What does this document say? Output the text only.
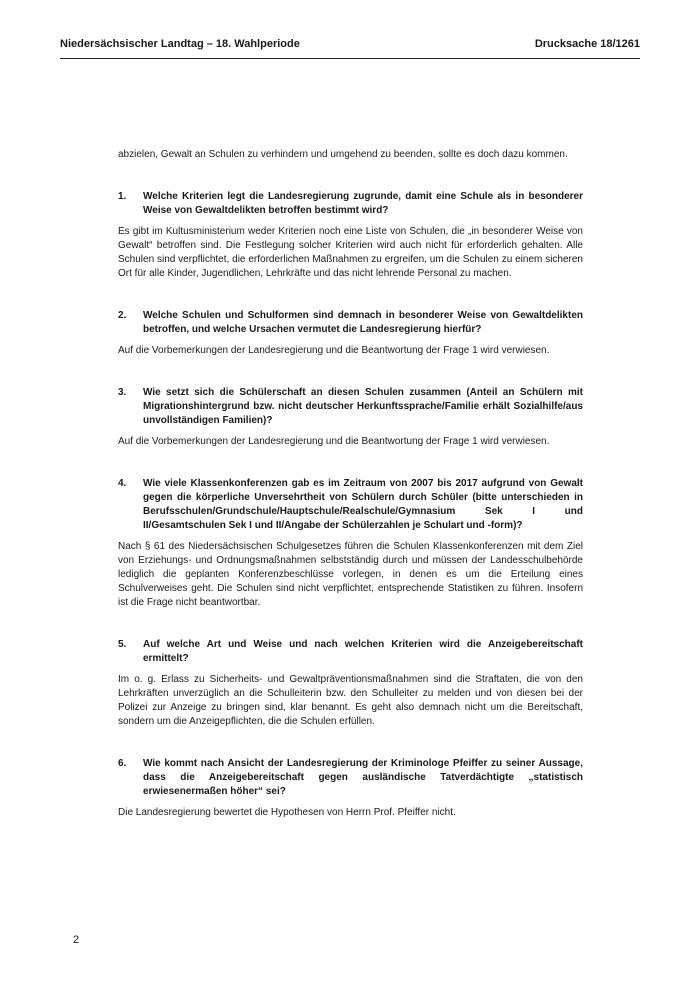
Niedersächsischer Landtag – 18. Wahlperiode	Drucksache 18/1261

abzielen, Gewalt an Schulen zu verhindern und umgehend zu beenden, sollte es doch dazu kommen.

1.	Welche Kriterien legt die Landesregierung zugrunde, damit eine Schule als in besonderer Weise von Gewaltdelikten betroffen bestimmt wird?

Es gibt im Kultusministerium weder Kriterien noch eine Liste von Schulen, die „in besonderer Weise von Gewalt“ betroffen sind. Die Festlegung solcher Kriterien wird auch nicht für erforderlich gehalten. Alle Schulen sind verpflichtet, die erforderlichen Maßnahmen zu ergreifen, um die Schulen zu einem sicheren Ort für alle Kinder, Jugendlichen, Lehrkräfte und das nicht lehrende Personal zu machen.

2.	Welche Schulen und Schulformen sind demnach in besonderer Weise von Gewaltdelikten betroffen, und welche Ursachen vermutet die Landesregierung hierfür?

Auf die Vorbemerkungen der Landesregierung und die Beantwortung der Frage 1 wird verwiesen.

3.	Wie setzt sich die Schülerschaft an diesen Schulen zusammen (Anteil an Schülern mit Migrationshintergrund bzw. nicht deutscher Herkunftssprache/Familie erhält Sozialhilfe/aus unvollständigen Familien)?

Auf die Vorbemerkungen der Landesregierung und die Beantwortung der Frage 1 wird verwiesen.

4.	Wie viele Klassenkonferenzen gab es im Zeitraum von 2007 bis 2017 aufgrund von Gewalt gegen die körperliche Unversehrtheit von Schülern durch Schüler (bitte unterschieden in Berufsschulen/Grundschule/Hauptschule/Realschule/Gymnasium Sek I und II/Gesamtschulen Sek I und II/Angabe der Schülerzahlen je Schulart und -form)?

Nach § 61 des Niedersächsischen Schulgesetzes führen die Schulen Klassenkonferenzen mit dem Ziel von Erziehungs- und Ordnungsmaßnahmen selbstständig durch und müssen der Landesschulbehörde lediglich die geplanten Konferenzbeschlüsse vorlegen, in denen es um die Erteilung eines Schulverweises geht. Die Schulen sind nicht verpflichtet, entsprechende Statistiken zu führen. Insofern ist die Frage nicht beantwortbar.

5.	Auf welche Art und Weise und nach welchen Kriterien wird die Anzeigebereitschaft ermittelt?

Im o. g. Erlass zu Sicherheits- und Gewaltpräventionsmaßnahmen sind die Straftaten, die von den Lehrkräften unverzüglich an die Schulleiterin bzw. den Schulleiter zu melden und von diesen bei der Polizei zur Anzeige zu bringen sind, klar benannt. Es geht also demnach nicht um die Bereitschaft, sondern um die Anzeigepflichten, die die Schulen erfüllen.

6.	Wie kommt nach Ansicht der Landesregierung der Kriminologe Pfeiffer zu seiner Aussage, dass die Anzeigebereitschaft gegen ausländische Tatverdächtigte „statistisch erwiesenermaßen höher“ sei?

Die Landesregierung bewertet die Hypothesen von Herrn Prof. Pfeiffer nicht.

2
